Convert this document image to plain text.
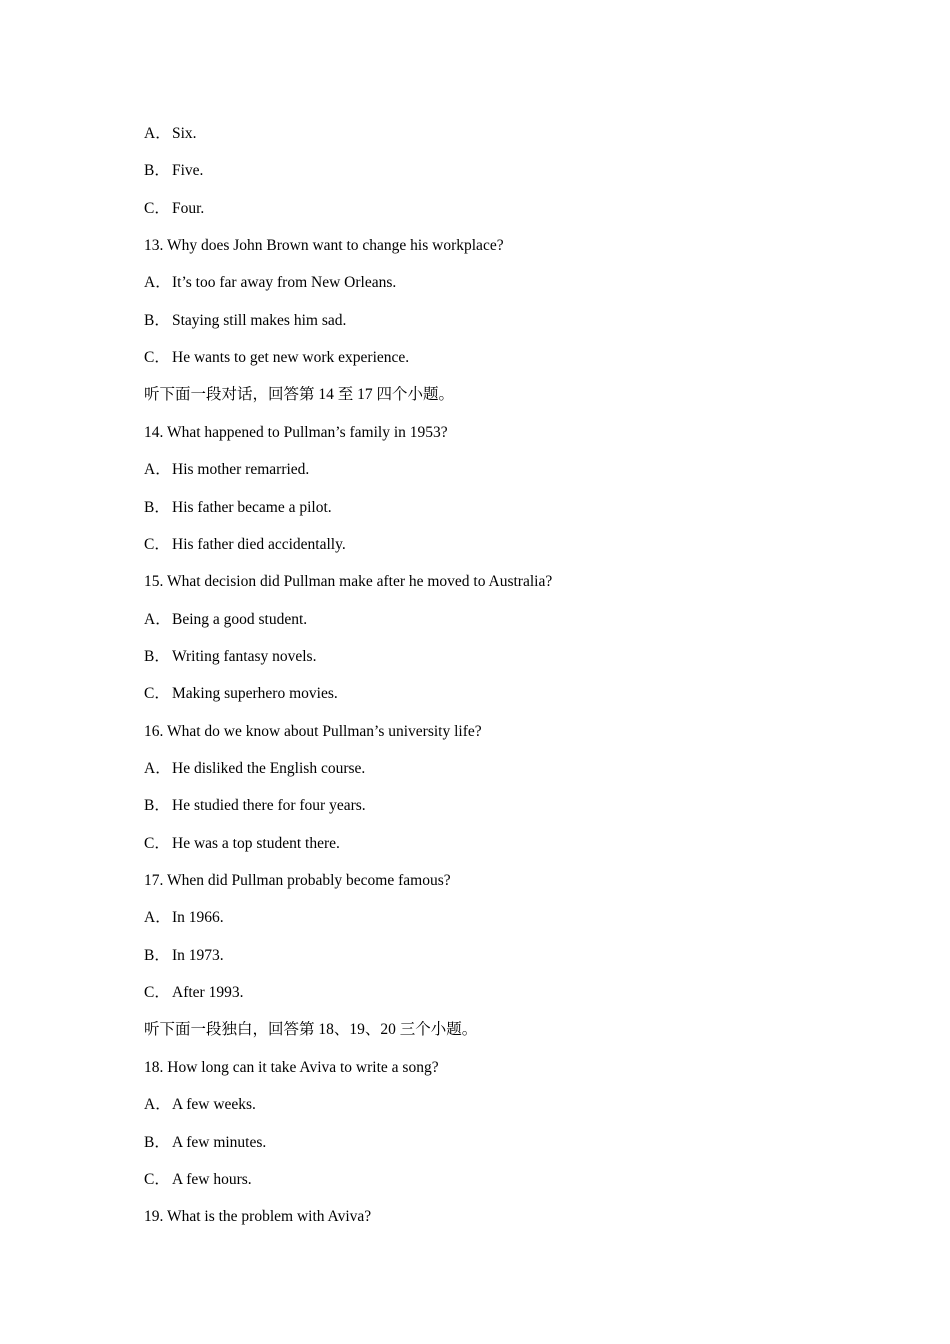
A．Six.

B． Five.

C． Four.

13. Why does John Brown want to change his workplace?

A．It’s too far away from New Orleans.

B． Staying still makes him sad.

C． He wants to get new work experience.

听下面一段对话，回答第 14 至 17 四个小题。

14. What happened to Pullman’s family in 1953?

A．His mother remarried.

B． His father became a pilot.

C． His father died accidentally.

15. What decision did Pullman make after he moved to Australia?

A．Being a good student.

B． Writing fantasy novels.

C． Making superhero movies.

16. What do we know about Pullman’s university life?

A．He disliked the English course.

B． He studied there for four years.

C． He was a top student there.

17. When did Pullman probably become famous?

A．In 1966.

B． In 1973.

C． After 1993.

听下面一段独白，回答第 18、19、20 三个小题。

18. How long can it take Aviva to write a song?

A．A few weeks.

B． A few minutes.

C． A few hours.

19. What is the problem with Aviva?
